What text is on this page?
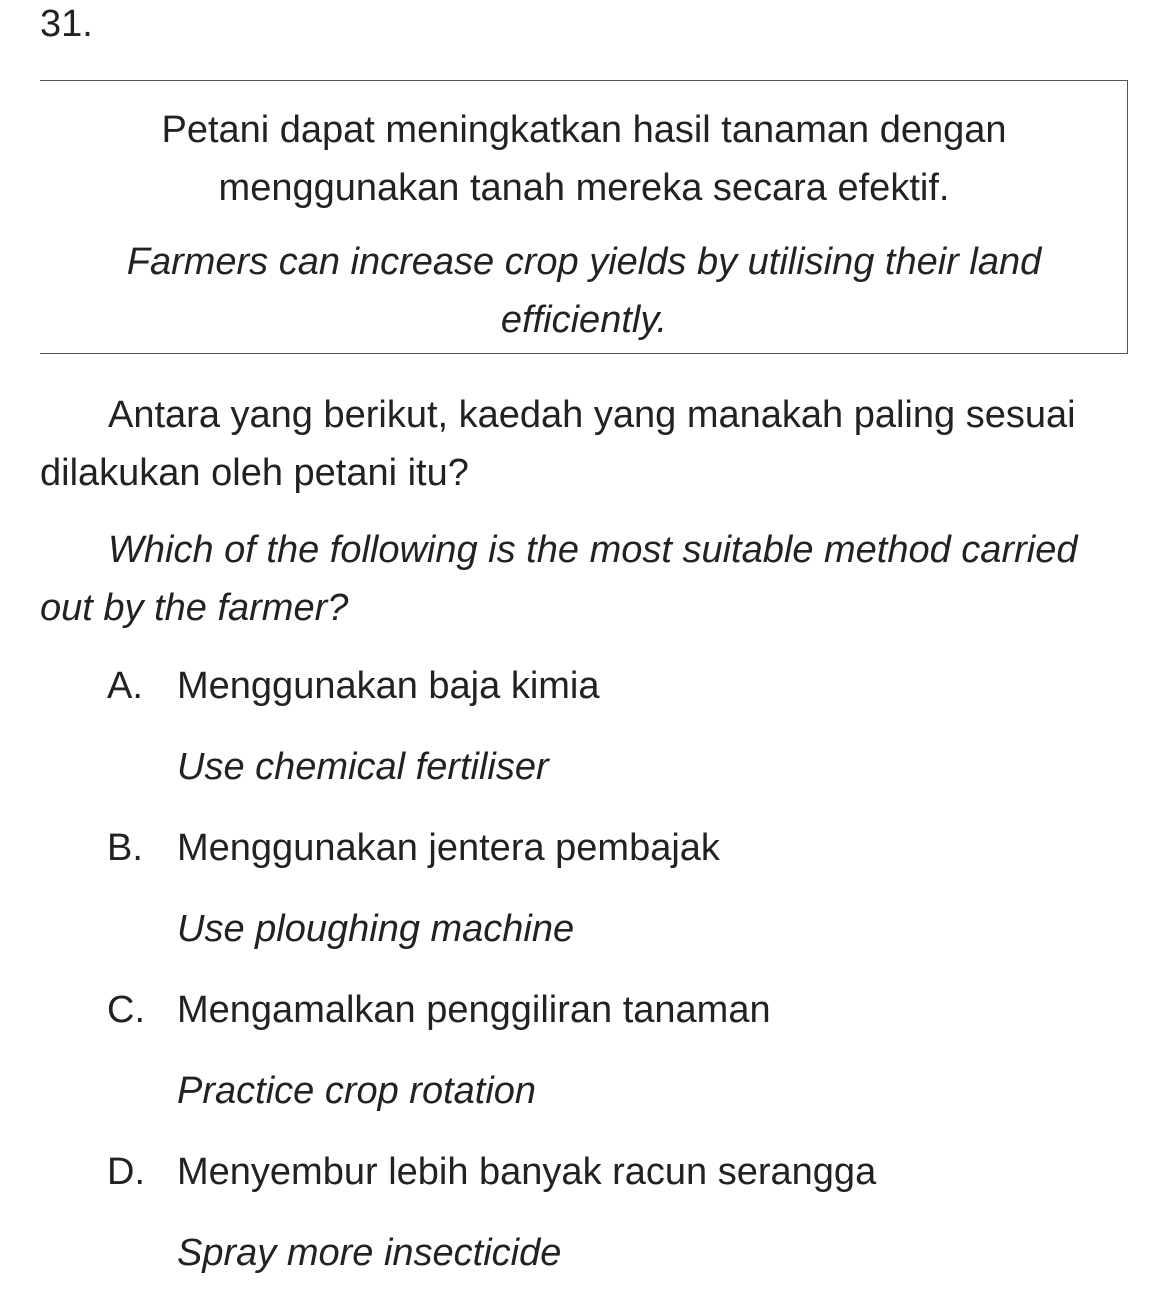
31.
Petani dapat meningkatkan hasil tanaman dengan menggunakan tanah mereka secara efektif.
Farmers can increase crop yields by utilising their land efficiently.
Antara yang berikut, kaedah yang manakah paling sesuai dilakukan oleh petani itu?
Which of the following is the most suitable method carried out by the farmer?
A. Menggunakan baja kimia
Use chemical fertiliser
B. Menggunakan jentera pembajak
Use ploughing machine
C. Mengamalkan penggiliran tanaman
Practice crop rotation
D. Menyembur lebih banyak racun serangga
Spray more insecticide
